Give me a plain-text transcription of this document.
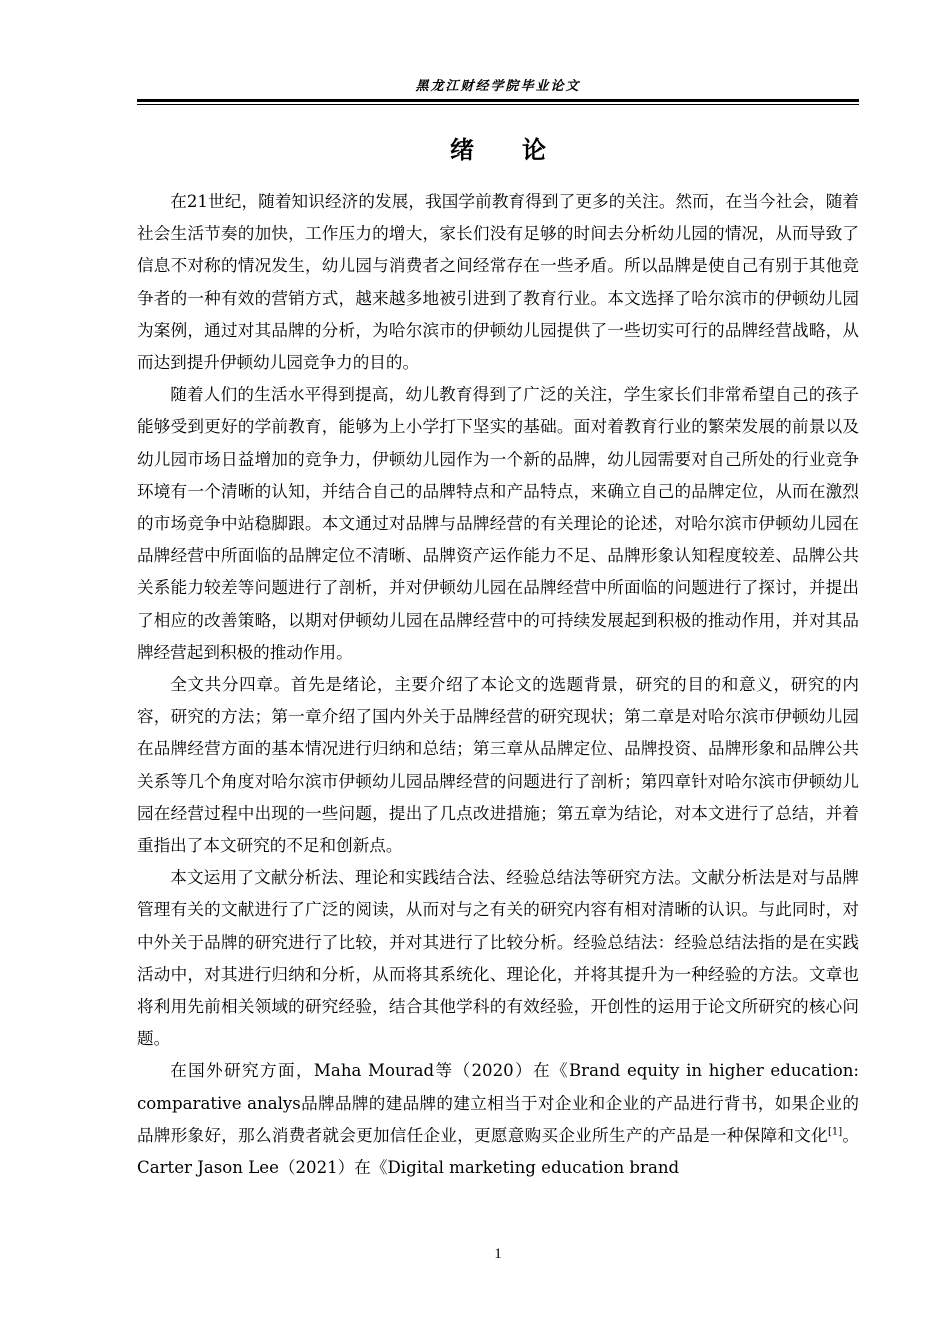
黑龙江财经学院毕业论文
绪 论

在21世纪，随着知识经济的发展，我国学前教育得到了更多的关注。然而，在当今社会，随着社会生活节奏的加快，工作压力的增大，家长们没有足够的时间去分析幼儿园的情况，从而导致了信息不对称的情况发生，幼儿园与消费者之间经常存在一些矛盾。所以品牌是使自己有别于其他竞争者的一种有效的营销方式，越来越多地被引进到了教育行业。本文选择了哈尔滨市的伊顿幼儿园为案例，通过对其品牌的分析，为哈尔滨市的伊顿幼儿园提供了一些切实可行的品牌经营战略，从而达到提升伊顿幼儿园竞争力的目的。

随着人们的生活水平得到提高，幼儿教育得到了广泛的关注，学生家长们非常希望自己的孩子能够受到更好的学前教育，能够为上小学打下坚实的基础。面对着教育行业的繁荣发展的前景以及幼儿园市场日益增加的竞争力，伊顿幼儿园作为一个新的品牌，幼儿园需要对自己所处的行业竞争环境有一个清晰的认知，并结合自己的品牌特点和产品特点，来确立自己的品牌定位，从而在激烈的市场竞争中站稳脚跟。本文通过对品牌与品牌经营的有关理论的论述，对哈尔滨市伊顿幼儿园在品牌经营中所面临的品牌定位不清晰、品牌资产运作能力不足、品牌形象认知程度较差、品牌公共关系能力较差等问题进行了剖析，并对伊顿幼儿园在品牌经营中所面临的问题进行了探讨，并提出了相应的改善策略，以期对伊顿幼儿园在品牌经营中的可持续发展起到积极的推动作用，并对其品牌经营起到积极的推动作用。

全文共分四章。首先是绪论，主要介绍了本论文的选题背景，研究的目的和意义，研究的内容，研究的方法；第一章介绍了国内外关于品牌经营的研究现状；第二章是对哈尔滨市伊顿幼儿园在品牌经营方面的基本情况进行归纳和总结；第三章从品牌定位、品牌投资、品牌形象和品牌公共关系等几个角度对哈尔滨市伊顿幼儿园品牌经营的问题进行了剖析；第四章针对哈尔滨市伊顿幼儿园在经营过程中出现的一些问题，提出了几点改进措施；第五章为结论，对本文进行了总结，并着重指出了本文研究的不足和创新点。

本文运用了文献分析法、理论和实践结合法、经验总结法等研究方法。文献分析法是对与品牌管理有关的文献进行了广泛的阅读，从而对与之有关的研究内容有相对清晰的认识。与此同时，对中外关于品牌的研究进行了比较，并对其进行了比较分析。经验总结法：经验总结法指的是在实践活动中，对其进行归纳和分析，从而将其系统化、理论化，并将其提升为一种经验的方法。文章也将利用先前相关领域的研究经验，结合其他学科的有效经验，开创性的运用于论文所研究的核心问题。

在国外研究方面，Maha Mourad等（2020）在《Brand equity in higher education: comparative analys品牌品牌的建品牌的建立相当于对企业和企业的产品进行背书，如果企业的品牌形象好，那么消费者就会更加信任企业，更愿意购买企业所生产的产品是一种保障和文化[1]。Carter Jason Lee（2021）在《Digital marketing education brand

1
